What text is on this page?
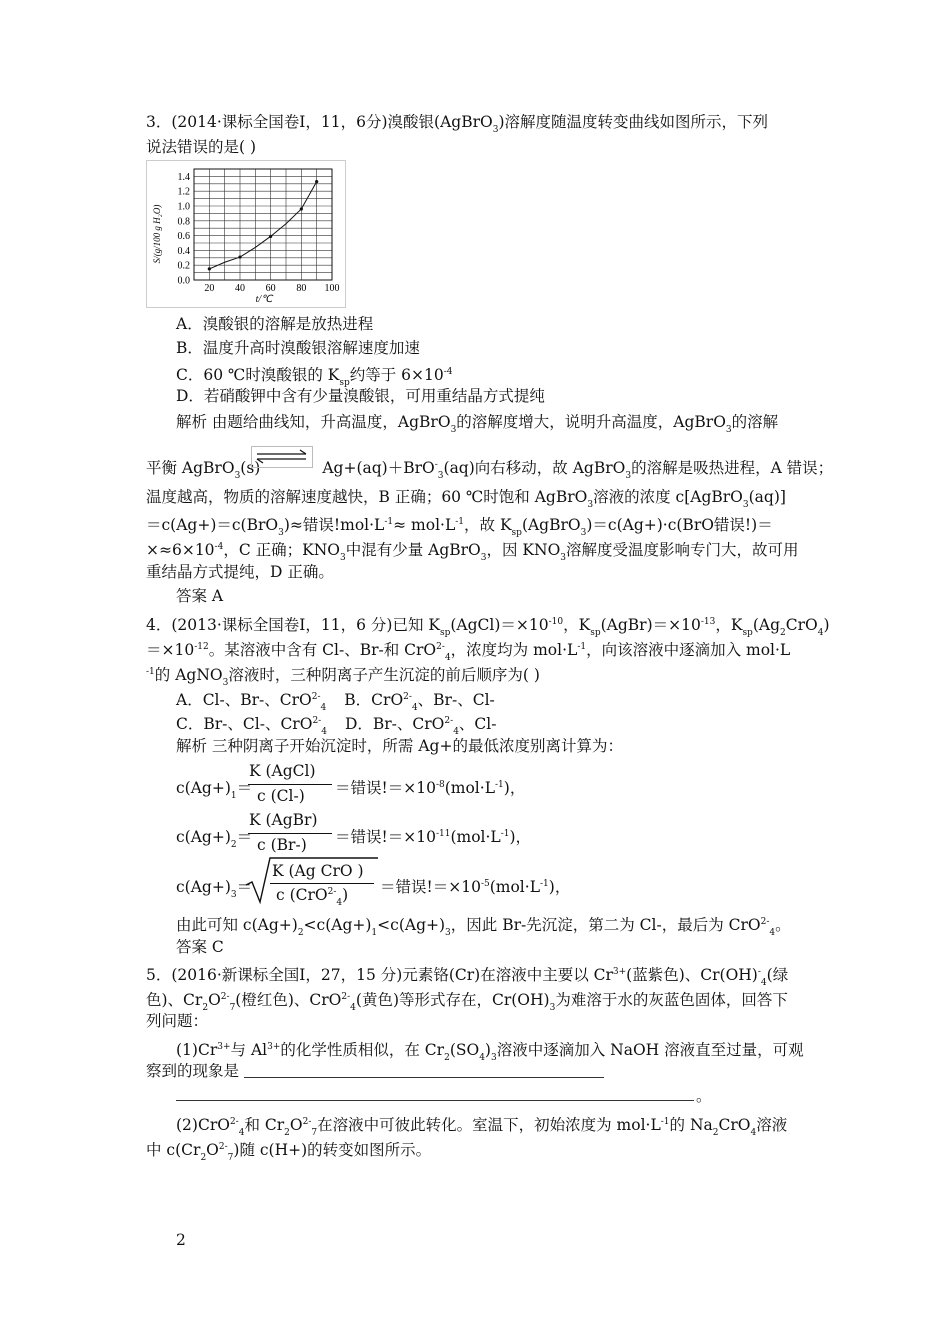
3．(2014·课标全国卷Ⅰ，11，6分)溴酸银(AgBrO$_3$)溶解度随温度转变曲线如图所示，下列
说法错误的是( )
20 40 60 80 100
0.0
0.2
0.4
0.6
0.8
1.0
1.2
1.4
t/℃
S/(g/100 g H₂O)
A．溴酸银的溶解是放热进程
B．温度升高时溴酸银溶解速度加速
C．60 ℃时溴酸银的 $K_{sp}$约等于 $6\times 10^{-4}$
D．若硝酸钾中含有少量溴酸银，可用重结晶方式提纯
解析 由题给曲线知，升高温度，AgBrO$_3$的溶解度增大，说明升高温度，AgBrO$_3$的溶解
平衡 AgBrO$_3$(s)	Ag+(aq)＋BrO-$_3$(aq)向右移动，故 AgBrO$_3$的溶解是吸热进程，A 错误；
温度越高，物质的溶解速度越快，B 正确；60 ℃时饱和 AgBrO$_3$溶液的浓度 c[AgBrO$_3$(aq)]
＝c(Ag+)＝c(BrO$_3$)≈错误$!mol\cdot L^{-1}\approx mol\cdot L^{-1}$，故 $K_{sp}(AgBrO_3)=c(Ag+)\cdot c(BrO$错误!)＝
$\times\approx 6\times 10^{-4}$，C 正确；$KNO_3$中混有少量 AgBrO$_3$，因 $KNO_3$溶解度受温度影响专门大，故可用
重结晶方式提纯，D 正确。
答案 A
4．(2013·课标全国卷Ⅰ，11，6 分)已知 $K_{sp}(AgCl)=\times 10^{-10}$，$K_{sp}(AgBr)=\times 10^{-13}$，$K_{sp}(Ag_2CrO_4)$
$=\times 10^{-12}$。某溶液中含有 Cl-、Br-和 CrO$^{2-}_4$，浓度均为 $mol\cdot L^{-1}$，向该溶液中逐滴加入 mol·L
$^{-1}$的 AgNO$_3$溶液时，三种阴离子产生沉淀的前后顺序为( )
A．Cl-、Br-、CrO$^{2-}_4$ B．CrO$^{2-}_4$、Br-、Cl-
C．Br-、Cl-、CrO$^{2-}_4$ D．Br-、CrO$^{2-}_4$、Cl-
解析 三种阴离子开始沉淀时，所需 Ag+的最低浓度别离计算为：
$c(Ag+)_1=$
K (AgCl)
c (Cl-) ＝错误$!=\times 10^{-8}(mol\cdot L^{-1})$，
$c(Ag+)_2=$
K (AgBr)
c (Br-) ＝错误$!=\times 10^{-11}(mol\cdot L^{-1})$，
$c(Ag+)_3=$
K (Ag CrO )
c (CrO$^{2-}_4$) ＝错误$!=\times 10^{-5}(mol\cdot L^{-1})$，
由此可知 $c(Ag+)_2<c(Ag+)_1<c(Ag+)_3$，因此 Br-先沉淀，第二为 Cl-，最后为 CrO$^{2-}_4$。
答案 C
5．(2016·新课标全国Ⅰ，27，15 分)元素铬(Cr)在溶液中主要以 $Cr^{3+}$(蓝紫色)、$Cr(OH)^-_4$(绿
色)、$Cr_2O^{2-}_7$(橙红色)、CrO$^{2-}_4$(黄色)等形式存在，$Cr(OH)_3$为难溶于水的灰蓝色固体，回答下
列问题：
$(1)Cr^{3+}$与 $Al^{3+}$的化学性质相似，在 $Cr_2(SO_4)_3$溶液中逐滴加入 NaOH 溶液直至过量，可观
察到的现象是
。
(2)CrO$^{2-}_4$和 $Cr_2O^{2-}_7$在溶液中可彼此转化。室温下，初始浓度为 $mol\cdot L^{-1}$的 $Na_2CrO_4$溶液
中 $c(Cr_2O^{2-}_7)$随 c(H+)的转变如图所示。
2
